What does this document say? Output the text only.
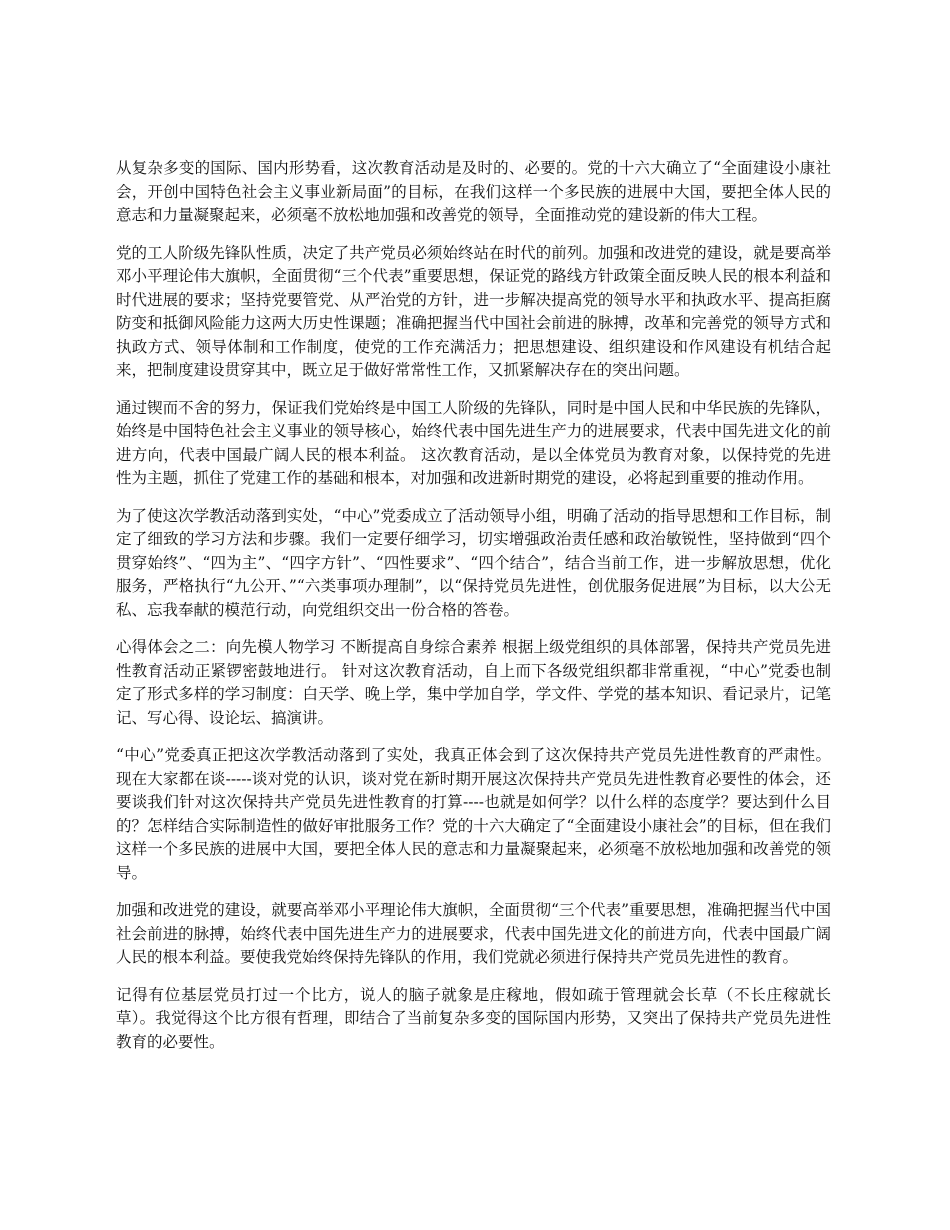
从复杂多变的国际、国内形势看，这次教育活动是及时的、必要的。党的十六大确立了“全面建设小康社会，开创中国特色社会主义事业新局面”的目标，在我们这样一个多民族的进展中大国，要把全体人民的意志和力量凝聚起来，必须毫不放松地加强和改善党的领导，全面推动党的建设新的伟大工程。

党的工人阶级先锋队性质，决定了共产党员必须始终站在时代的前列。加强和改进党的建设，就是要高举邓小平理论伟大旗帜，全面贯彻“三个代表”重要思想，保证党的路线方针政策全面反映人民的根本利益和时代进展的要求；坚持党要管党、从严治党的方针，进一步解决提高党的领导水平和执政水平、提高拒腐防变和抵御风险能力这两大历史性课题；准确把握当代中国社会前进的脉搏，改革和完善党的领导方式和执政方式、领导体制和工作制度，使党的工作充满活力；把思想建设、组织建设和作风建设有机结合起来，把制度建设贯穿其中，既立足于做好常常性工作，又抓紧解决存在的突出问题。

通过锲而不舍的努力，保证我们党始终是中国工人阶级的先锋队，同时是中国人民和中华民族的先锋队，始终是中国特色社会主义事业的领导核心，始终代表中国先进生产力的进展要求，代表中国先进文化的前进方向，代表中国最广阔人民的根本利益。 这次教育活动，是以全体党员为教育对象，以保持党的先进性为主题，抓住了党建工作的基础和根本，对加强和改进新时期党的建设，必将起到重要的推动作用。

为了使这次学教活动落到实处，“中心”党委成立了活动领导小组，明确了活动的指导思想和工作目标，制定了细致的学习方法和步骤。我们一定要仔细学习，切实增强政治责任感和政治敏锐性，坚持做到“四个贯穿始终”、“四为主”、“四字方针”、“四性要求”、“四个结合”，结合当前工作，进一步解放思想，优化服务，严格执行“九公开、”“六类事项办理制”，以“保持党员先进性，创优服务促进展”为目标，以大公无私、忘我奉献的模范行动，向党组织交出一份合格的答卷。

心得体会之二：向先模人物学习 不断提高自身综合素养 根据上级党组织的具体部署，保持共产党员先进性教育活动正紧锣密鼓地进行。 针对这次教育活动，自上而下各级党组织都非常重视，“中心”党委也制定了形式多样的学习制度：白天学、晚上学，集中学加自学，学文件、学党的基本知识、看记录片，记笔记、写心得、设论坛、搞演讲。

“中心”党委真正把这次学教活动落到了实处，我真正体会到了这次保持共产党员先进性教育的严肃性。 现在大家都在谈-----谈对党的认识，谈对党在新时期开展这次保持共产党员先进性教育必要性的体会，还要谈我们针对这次保持共产党员先进性教育的打算----也就是如何学？以什么样的态度学？要达到什么目的？怎样结合实际制造性的做好审批服务工作？党的十六大确定了“全面建设小康社会”的目标，但在我们这样一个多民族的进展中大国，要把全体人民的意志和力量凝聚起来，必须毫不放松地加强和改善党的领导。

加强和改进党的建设，就要高举邓小平理论伟大旗帜，全面贯彻“三个代表”重要思想，准确把握当代中国社会前进的脉搏，始终代表中国先进生产力的进展要求，代表中国先进文化的前进方向，代表中国最广阔人民的根本利益。要使我党始终保持先锋队的作用，我们党就必须进行保持共产党员先进性的教育。

记得有位基层党员打过一个比方，说人的脑子就象是庄稼地，假如疏于管理就会长草（不长庄稼就长草）。我觉得这个比方很有哲理，即结合了当前复杂多变的国际国内形势，又突出了保持共产党员先进性教育的必要性。
